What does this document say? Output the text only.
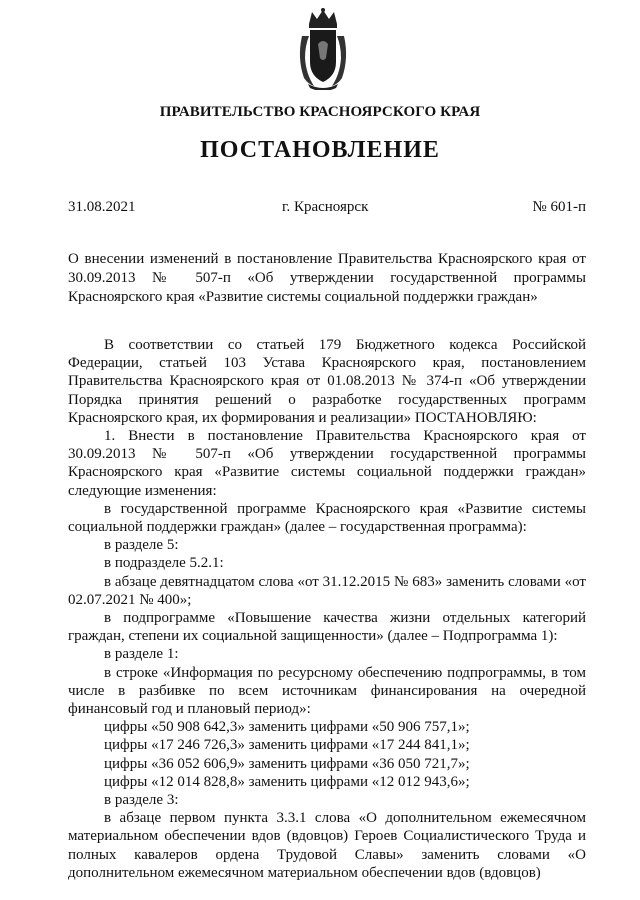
ПРАВИТЕЛЬСТВО КРАСНОЯРСКОГО КРАЯ
ПОСТАНОВЛЕНИЕ
31.08.2021	г. Красноярск	№ 601-п
О внесении изменений в постановление Правительства Красноярского края от 30.09.2013 № 507-п «Об утверждении государственной программы Красноярского края «Развитие системы социальной поддержки граждан»

В соответствии со статьей 179 Бюджетного кодекса Российской Федерации, статьей 103 Устава Красноярского края, постановлением Правительства Красноярского края от 01.08.2013 № 374-п «Об утверждении Порядка принятия решений о разработке государственных программ Красноярского края, их формирования и реализации» ПОСТАНОВЛЯЮ:

1. Внести в постановление Правительства Красноярского края от 30.09.2013 № 507-п «Об утверждении государственной программы Красноярского края «Развитие системы социальной поддержки граждан» следующие изменения:

в государственной программе Красноярского края «Развитие системы социальной поддержки граждан» (далее – государственная программа):

в разделе 5:

в подразделе 5.2.1:

в абзаце девятнадцатом слова «от 31.12.2015 № 683» заменить словами «от 02.07.2021 № 400»;

в подпрограмме «Повышение качества жизни отдельных категорий граждан, степени их социальной защищенности» (далее – Подпрограмма 1):

в разделе 1:

в строке «Информация по ресурсному обеспечению подпрограммы, в том числе в разбивке по всем источникам финансирования на очередной финансовый год и плановый период»:

цифры «50 908 642,3» заменить цифрами «50 906 757,1»;

цифры «17 246 726,3» заменить цифрами «17 244 841,1»;

цифры «36 052 606,9» заменить цифрами «36 050 721,7»;

цифры «12 014 828,8» заменить цифрами «12 012 943,6»;

в разделе 3:

в абзаце первом пункта 3.3.1 слова «О дополнительном ежемесячном материальном обеспечении вдов (вдовцов) Героев Социалистического Труда и полных кавалеров ордена Трудовой Славы» заменить словами «О дополнительном ежемесячном материальном обеспечении вдов (вдовцов)
